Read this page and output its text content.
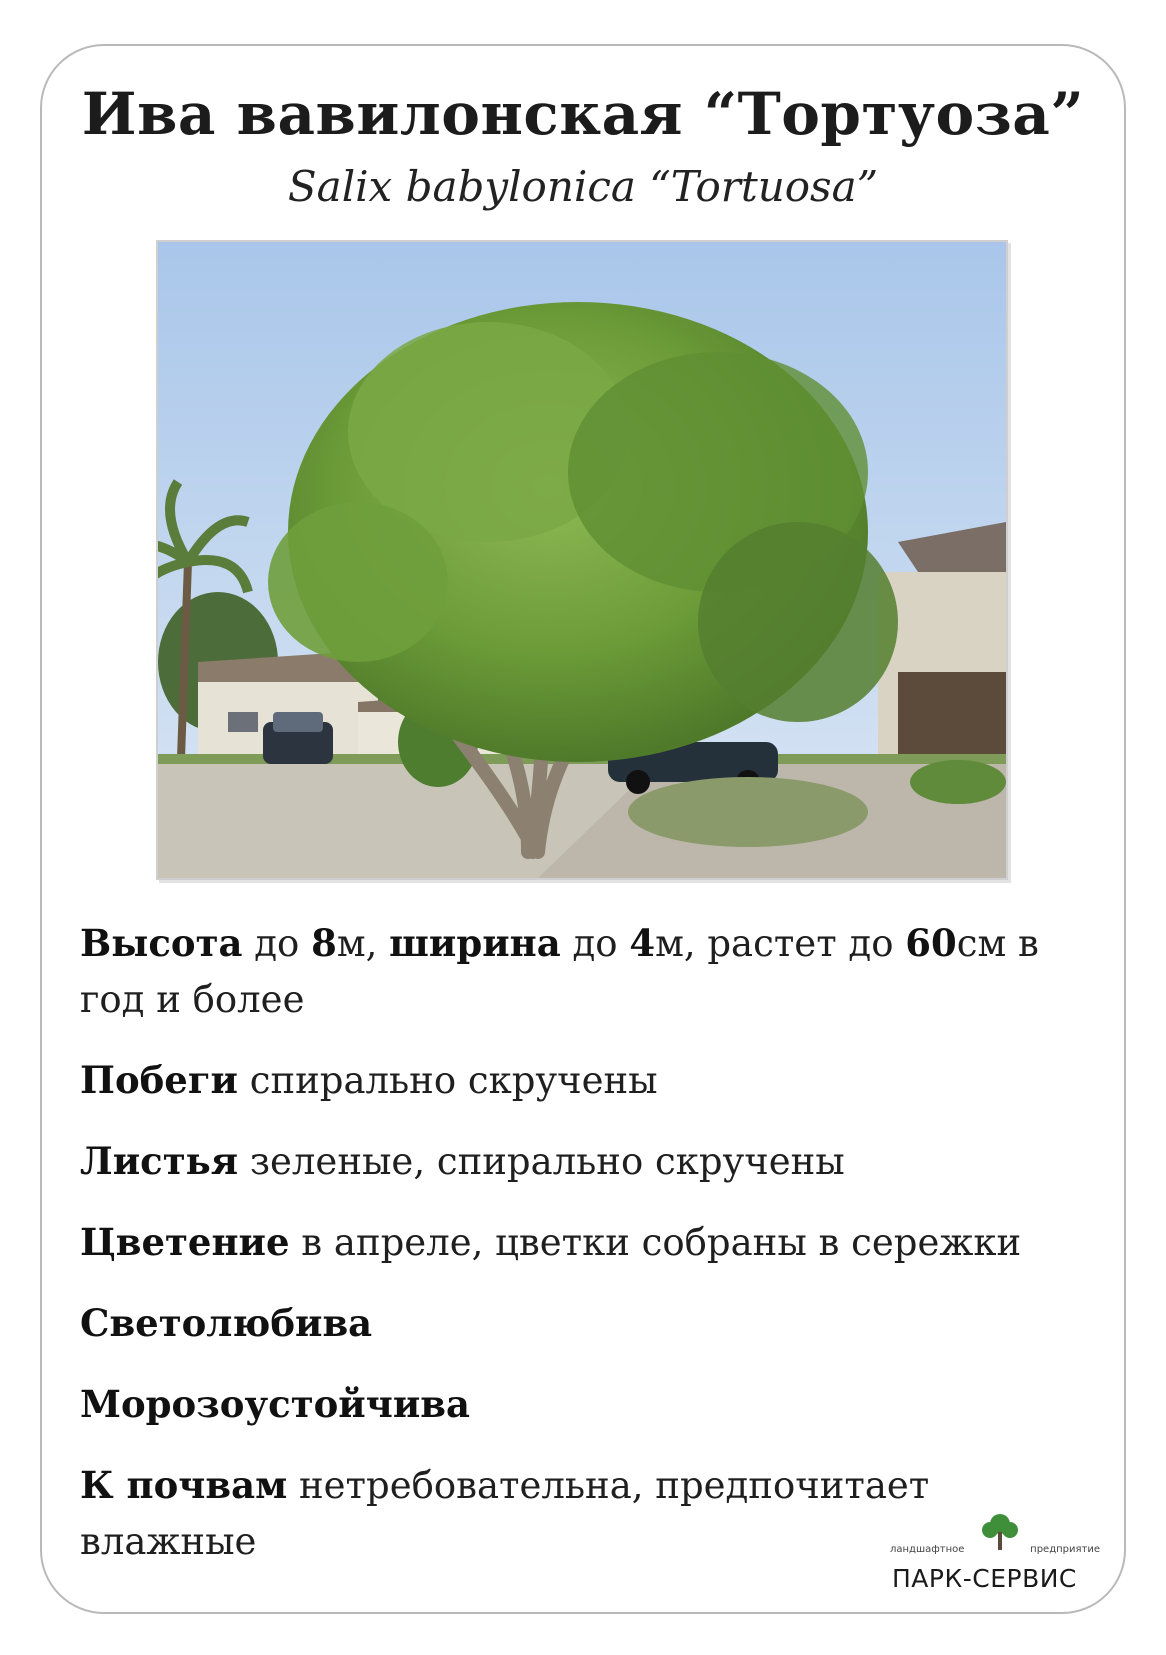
Ива вавилонская “Тортуоза”
Salix babylonica “Tortuosa”

Высота до 8м, ширина до 4м, растет до 60см в год и более

Побеги спирально скручены

Листья зеленые, спирально скручены

Цветение в апреле, цветки собраны в сережки

Светолюбива

Морозоустойчива

К почвам нетребовательна, предпочитает влажные	ландшафтное	предприятие
ПАРК-СЕРВИС
